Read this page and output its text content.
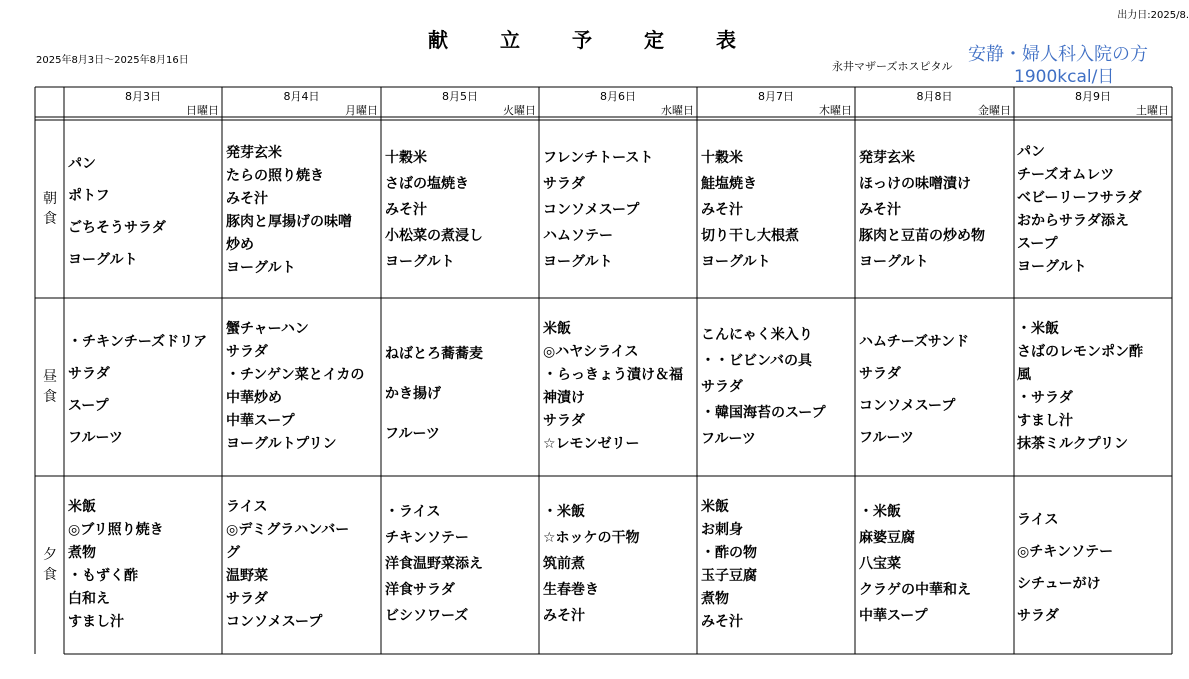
出力日:2025/8.
献立予定表
2025年8月3日～2025年8月16日	永井マザーズホスピタル
安静・婦人科入院の方
1900kcal/日
8月3日
日曜日
8月4日
月曜日
8月5日
火曜日
8月6日
水曜日
8月7日
木曜日
8月8日
金曜日
8月9日
土曜日
朝
食
昼
食
夕
食
パン
ポトフ
ごちそうサラダ
ヨーグルト
発芽玄米
たらの照り焼き
みそ汁
豚肉と厚揚げの味噌
炒め
ヨーグルト
十穀米
さばの塩焼き
みそ汁
小松菜の煮浸し
ヨーグルト
フレンチトースト
サラダ
コンソメスープ
ハムソテー
ヨーグルト
十穀米
鮭塩焼き
みそ汁
切り干し大根煮
ヨーグルト
発芽玄米
ほっけの味噌漬け
みそ汁
豚肉と豆苗の炒め物
ヨーグルト
パン
チーズオムレツ
ベビーリーフサラダ
おからサラダ添え
スープ
ヨーグルト
・チキンチーズドリア
サラダ
スープ
フルーツ
蟹チャーハン
サラダ
・チンゲン菜とイカの
中華炒め
中華スープ
ヨーグルトプリン
ねばとろ蕎蕎麦
かき揚げ
フルーツ
米飯
◎ハヤシライス
・らっきょう漬け＆福
神漬け
サラダ
☆レモンゼリー
こんにゃく米入り
・・ビビンバの具
サラダ
・韓国海苔のスープ
フルーツ
ハムチーズサンド
サラダ
コンソメスープ
フルーツ
・米飯
さばのレモンポン酢
風
・サラダ
すまし汁
抹茶ミルクプリン
米飯
◎ブリ照り焼き
煮物
・もずく酢
白和え
すまし汁
ライス
◎デミグラハンバー
グ
温野菜
サラダ
コンソメスープ
・ライス
チキンソテー
洋食温野菜添え
洋食サラダ
ビシソワーズ
・米飯
☆ホッケの干物
筑前煮
生春巻き
みそ汁
米飯
お刺身
・酢の物
玉子豆腐
煮物
みそ汁
・米飯
麻婆豆腐
八宝菜
クラゲの中華和え
中華スープ
ライス
◎チキンソテー
シチューがけ
サラダ
